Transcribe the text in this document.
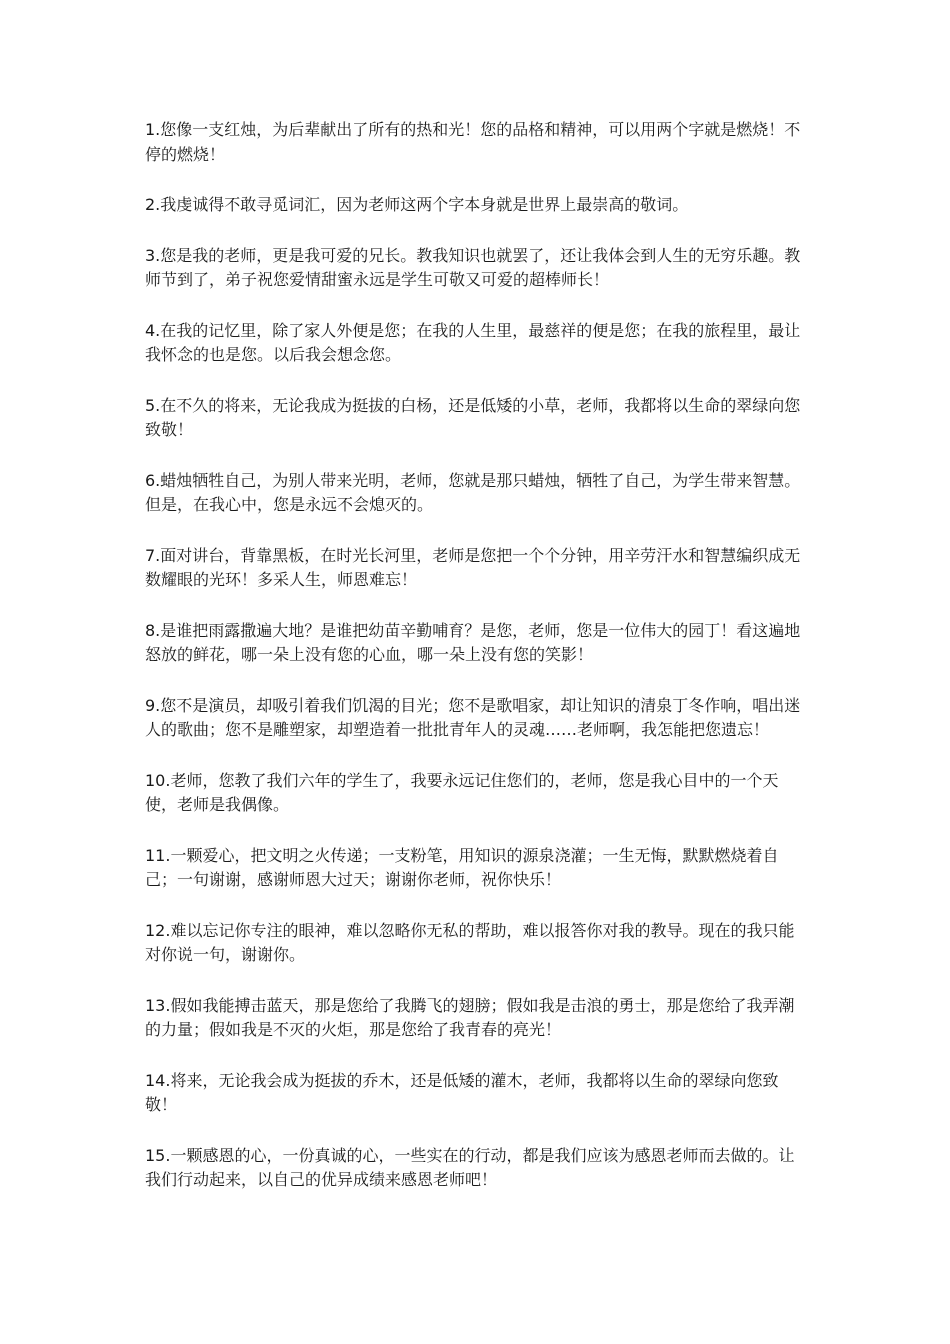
1.您像一支红烛，为后辈献出了所有的热和光！您的品格和精神，可以用两个字就是燃烧！不停的燃烧！

2.我虔诚得不敢寻觅词汇，因为老师这两个字本身就是世界上最崇高的敬词。

3.您是我的老师，更是我可爱的兄长。教我知识也就罢了，还让我体会到人生的无穷乐趣。教师节到了，弟子祝您爱情甜蜜永远是学生可敬又可爱的超棒师长！

4.在我的记忆里，除了家人外便是您；在我的人生里，最慈祥的便是您；在我的旅程里，最让我怀念的也是您。以后我会想念您。

5.在不久的将来，无论我成为挺拔的白杨，还是低矮的小草，老师，我都将以生命的翠绿向您致敬！

6.蜡烛牺牲自己，为别人带来光明，老师，您就是那只蜡烛，牺牲了自己，为学生带来智慧。但是，在我心中，您是永远不会熄灭的。

7.面对讲台，背靠黑板，在时光长河里，老师是您把一个个分钟，用辛劳汗水和智慧编织成无数耀眼的光环！多采人生，师恩难忘！

8.是谁把雨露撒遍大地？是谁把幼苗辛勤哺育？是您，老师，您是一位伟大的园丁！看这遍地怒放的鲜花，哪一朵上没有您的心血，哪一朵上没有您的笑影！

9.您不是演员，却吸引着我们饥渴的目光；您不是歌唱家，却让知识的清泉丁冬作响，唱出迷人的歌曲；您不是雕塑家，却塑造着一批批青年人的灵魂……老师啊，我怎能把您遗忘！

10.老师，您教了我们六年的学生了，我要永远记住您们的，老师，您是我心目中的一个天使，老师是我偶像。

11.一颗爱心，把文明之火传递；一支粉笔，用知识的源泉浇灌；一生无悔，默默燃烧着自己；一句谢谢，感谢师恩大过天；谢谢你老师，祝你快乐！

12.难以忘记你专注的眼神，难以忽略你无私的帮助，难以报答你对我的教导。现在的我只能对你说一句，谢谢你。

13.假如我能搏击蓝天，那是您给了我腾飞的翅膀；假如我是击浪的勇士，那是您给了我弄潮的力量；假如我是不灭的火炬，那是您给了我青春的亮光！

14.将来，无论我会成为挺拔的乔木，还是低矮的灌木，老师，我都将以生命的翠绿向您致敬！

15.一颗感恩的心，一份真诚的心，一些实在的行动，都是我们应该为感恩老师而去做的。让我们行动起来，以自己的优异成绩来感恩老师吧！
